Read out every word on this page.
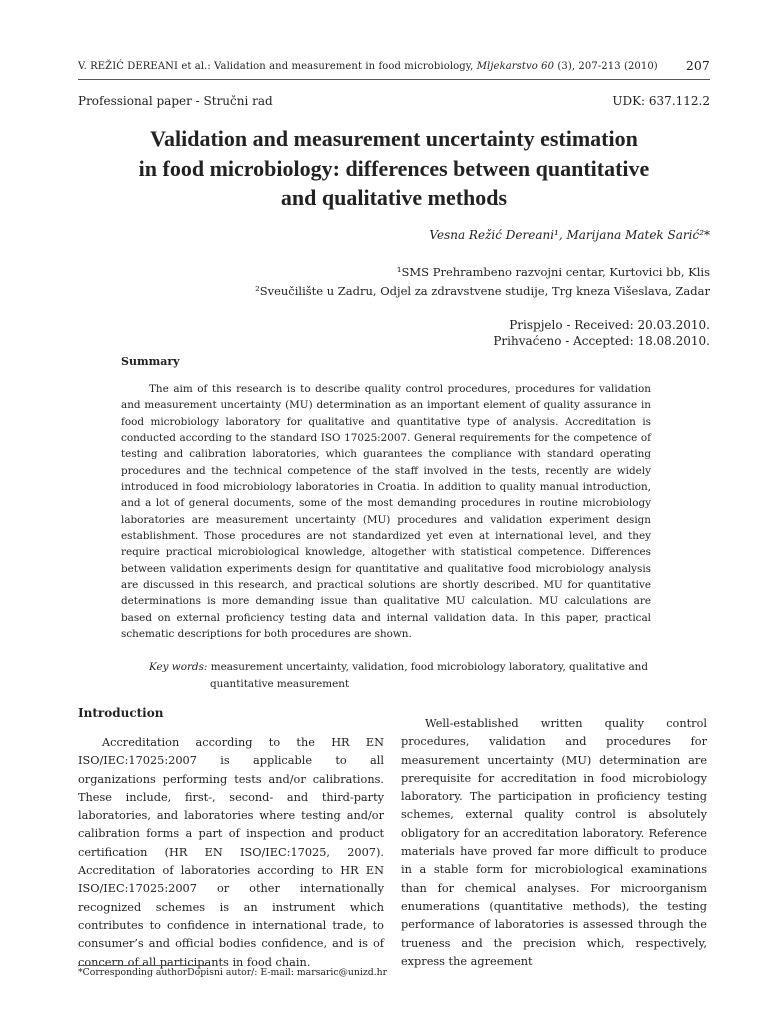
V. REŽIĆ DEREANI et al.: Validation and measurement in food microbiology, Mljekarstvo 60 (3), 207-213 (2010) 207
Professional paper - Stručni rad	UDK: 637.112.2
Validation and measurement uncertainty estimation
in food microbiology: differences between quantitative
and qualitative methods
Vesna Režić Dereani¹, Marijana Matek Sarić²*
¹SMS Prehrambeno razvojni centar, Kurtovici bb, Klis
²Sveučilište u Zadru, Odjel za zdravstvene studije, Trg kneza Višeslava, Zadar
Prispjelo - Received: 20.03.2010.
Prihvaćeno - Accepted: 18.08.2010.
Summary
The aim of this research is to describe quality control procedures, procedures for validation and measurement uncertainty (MU) determination as an important element of quality assurance in food microbiology laboratory for qualitative and quantitative type of analysis. Accreditation is conducted according to the standard ISO 17025:2007. General requirements for the competence of testing and calibration laboratories, which guarantees the compliance with standard operating procedures and the technical competence of the staff involved in the tests, recently are widely introduced in food microbiology laboratories in Croatia. In addition to quality manual introduction, and a lot of general documents, some of the most demanding procedures in routine microbiology laboratories are measurement uncertainty (MU) procedures and validation experiment design establishment. Those procedures are not standardized yet even at international level, and they require practical microbiological knowledge, altogether with statistical competence. Differences between validation experiments design for quantitative and qualitative food microbiology analysis are discussed in this research, and practical solutions are shortly described. MU for quantitative determinations is more demanding issue than qualitative MU calculation. MU calculations are based on external proficiency testing data and internal validation data. In this paper, practical schematic descriptions for both procedures are shown.
Key words: measurement uncertainty, validation, food microbiology laboratory, qualitative and
quantitative measurement
Introduction
Accreditation according to the HR EN ISO/IEC:17025:2007 is applicable to all organizations performing tests and/or calibrations. These include, first-, second- and third-party laboratories, and laboratories where testing and/or calibration forms a part of inspection and product certification (HR EN ISO/IEC:17025, 2007). Accreditation of laboratories according to HR EN ISO/IEC:17025:2007 or other internationally recognized schemes is an instrument which contributes to confidence in international trade, to consumer’s and official bodies confidence, and is of concern of all participants in food chain.
Well-established written quality control procedures, validation and procedures for measurement uncertainty (MU) determination are prerequisite for accreditation in food microbiology laboratory. The participation in proficiency testing schemes, external quality control is absolutely obligatory for an accreditation laboratory. Reference materials have proved far more difficult to produce in a stable form for microbiological examinations than for chemical analyses. For microorganism enumerations (quantitative methods), the testing performance of laboratories is assessed through the trueness and the precision which, respectively, express the agreement
*Corresponding authorDopisni autor/: E-mail: marsaric@unizd.hr
